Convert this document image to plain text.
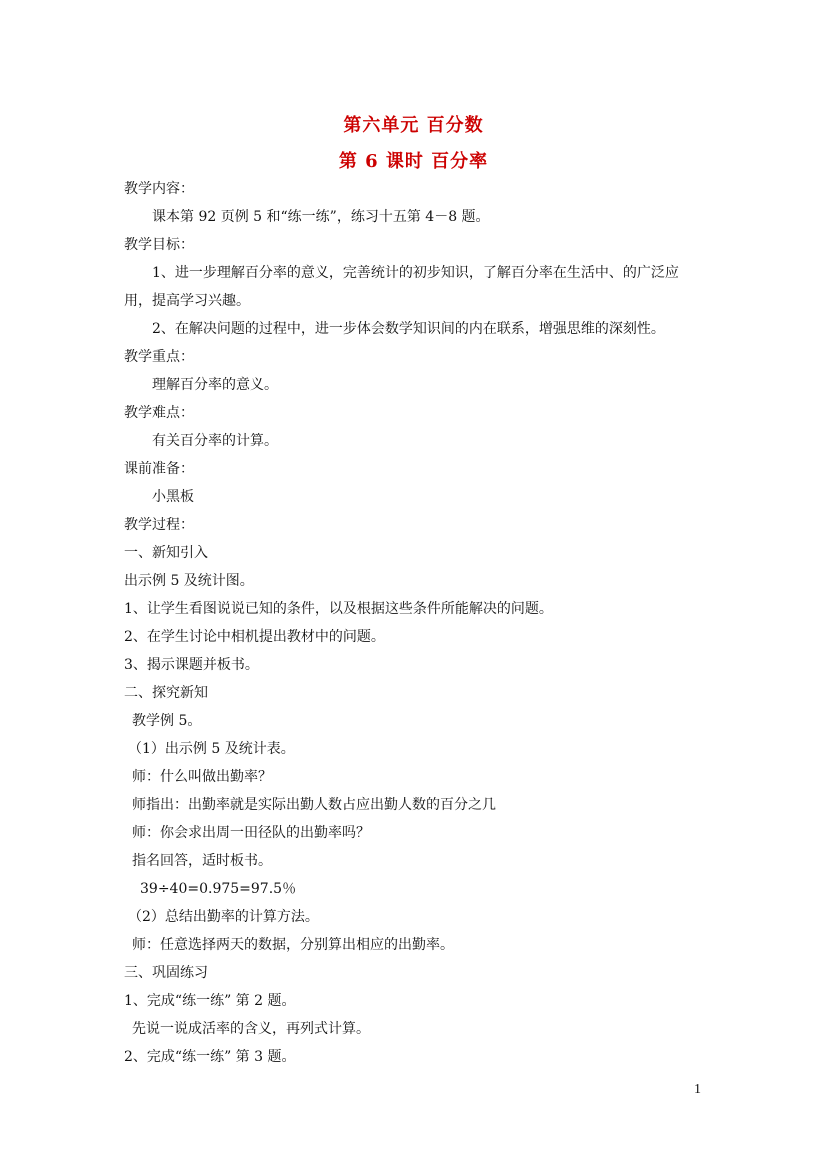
第六单元 百分数
第 6 课时 百分率
教学内容：
课本第 92 页例 5 和“练一练”，练习十五第 4－8 题。
教学目标：
1、进一步理解百分率的意义，完善统计的初步知识，了解百分率在生活中、的广泛应
用，提高学习兴趣。
2、在解决问题的过程中，进一步体会数学知识间的内在联系，增强思维的深刻性。
教学重点：
理解百分率的意义。
教学难点：
有关百分率的计算。
课前准备：
小黑板
教学过程：
一、新知引入
出示例 5 及统计图。
1、让学生看图说说已知的条件，以及根据这些条件所能解决的问题。
2、在学生讨论中相机提出教材中的问题。
3、揭示课题并板书。
二、探究新知
教学例 5。
（1）出示例 5 及统计表。
师：什么叫做出勤率？
师指出：出勤率就是实际出勤人数占应出勤人数的百分之几
师：你会求出周一田径队的出勤率吗？
指名回答，适时板书。
39÷40=0.975=97.5％
（2）总结出勤率的计算方法。
师：任意选择两天的数据，分别算出相应的出勤率。
三、巩固练习
1、完成“练一练” 第 2 题。
先说一说成活率的含义，再列式计算。
2、完成“练一练” 第 3 题。
1
